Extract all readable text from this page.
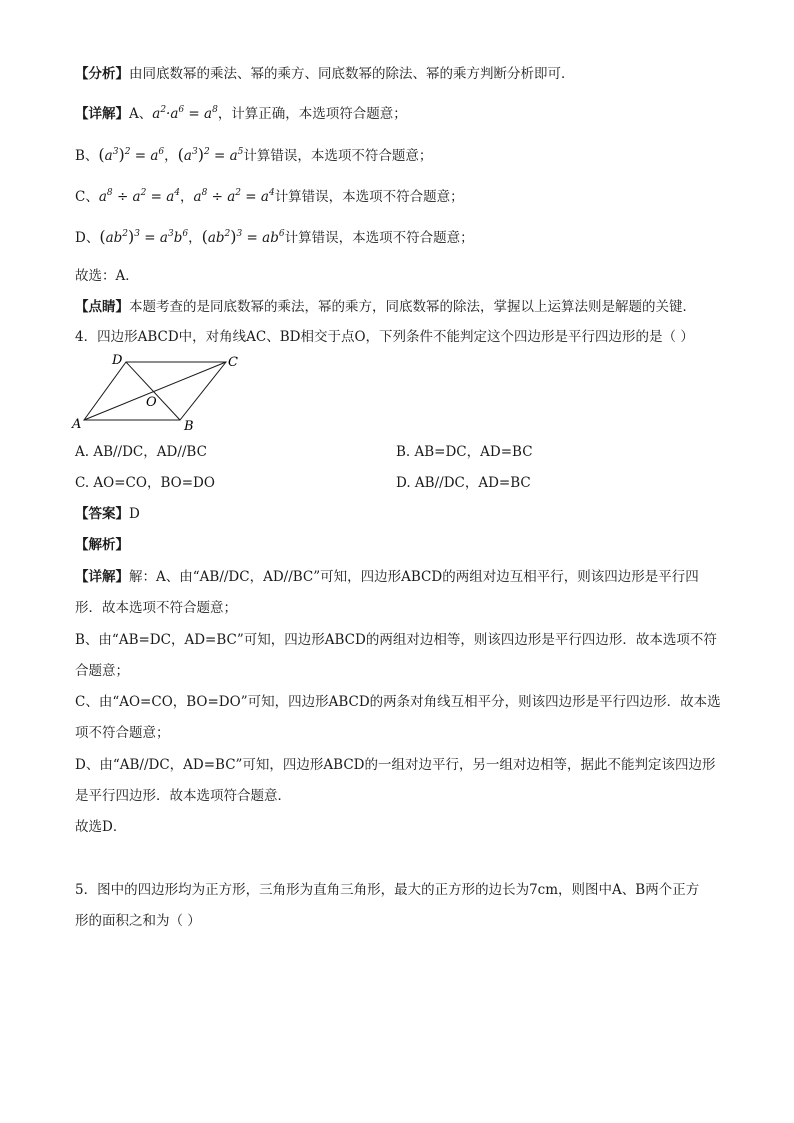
【分析】由同底数幂的乘法、幂的乘方、同底数幂的除法、幂的乘方判断分析即可．
【详解】A、$a^2\cdot a^6 = a^8$，计算正确，本选项符合题意；
B、$(a^3)^2 = a^6$，$(a^3)^2 = a^5$计算错误，本选项不符合题意；
C、$a^8 \div a^2 = a^4$，$a^8 \div a^2 = a^4$计算错误，本选项不符合题意；
D、$(ab^2)^3 = a^3b^6$，$(ab^2)^3 = ab^6$计算错误，本选项不符合题意；
故选：A．
【点睛】本题考查的是同底数幂的乘法，幂的乘方，同底数幂的除法，掌握以上运算法则是解题的关键．
4．四边形ABCD中，对角线AC、BD相交于点O，下列条件不能判定这个四边形是平行四边形的是（ ）
A	B
C
D
O
A. AB//DC，AD//BC	B. AB=DC，AD=BC
C. AO=CO，BO=DO	D. AB//DC，AD=BC
【答案】D
【解析】
【详解】解：A、由“AB//DC，AD//BC”可知，四边形ABCD的两组对边互相平行，则该四边形是平行四
形．故本选项不符合题意；
B、由“AB=DC，AD=BC”可知，四边形ABCD的两组对边相等，则该四边形是平行四边形．故本选项不符
合题意；
C、由“AO=CO，BO=DO”可知，四边形ABCD的两条对角线互相平分，则该四边形是平行四边形．故本选
项不符合题意；
D、由“AB//DC，AD=BC”可知，四边形ABCD的一组对边平行，另一组对边相等，据此不能判定该四边形
是平行四边形．故本选项符合题意．
故选D．
5．图中的四边形均为正方形，三角形为直角三角形，最大的正方形的边长为7cm，则图中A、B两个正方
形的面积之和为（ ）
